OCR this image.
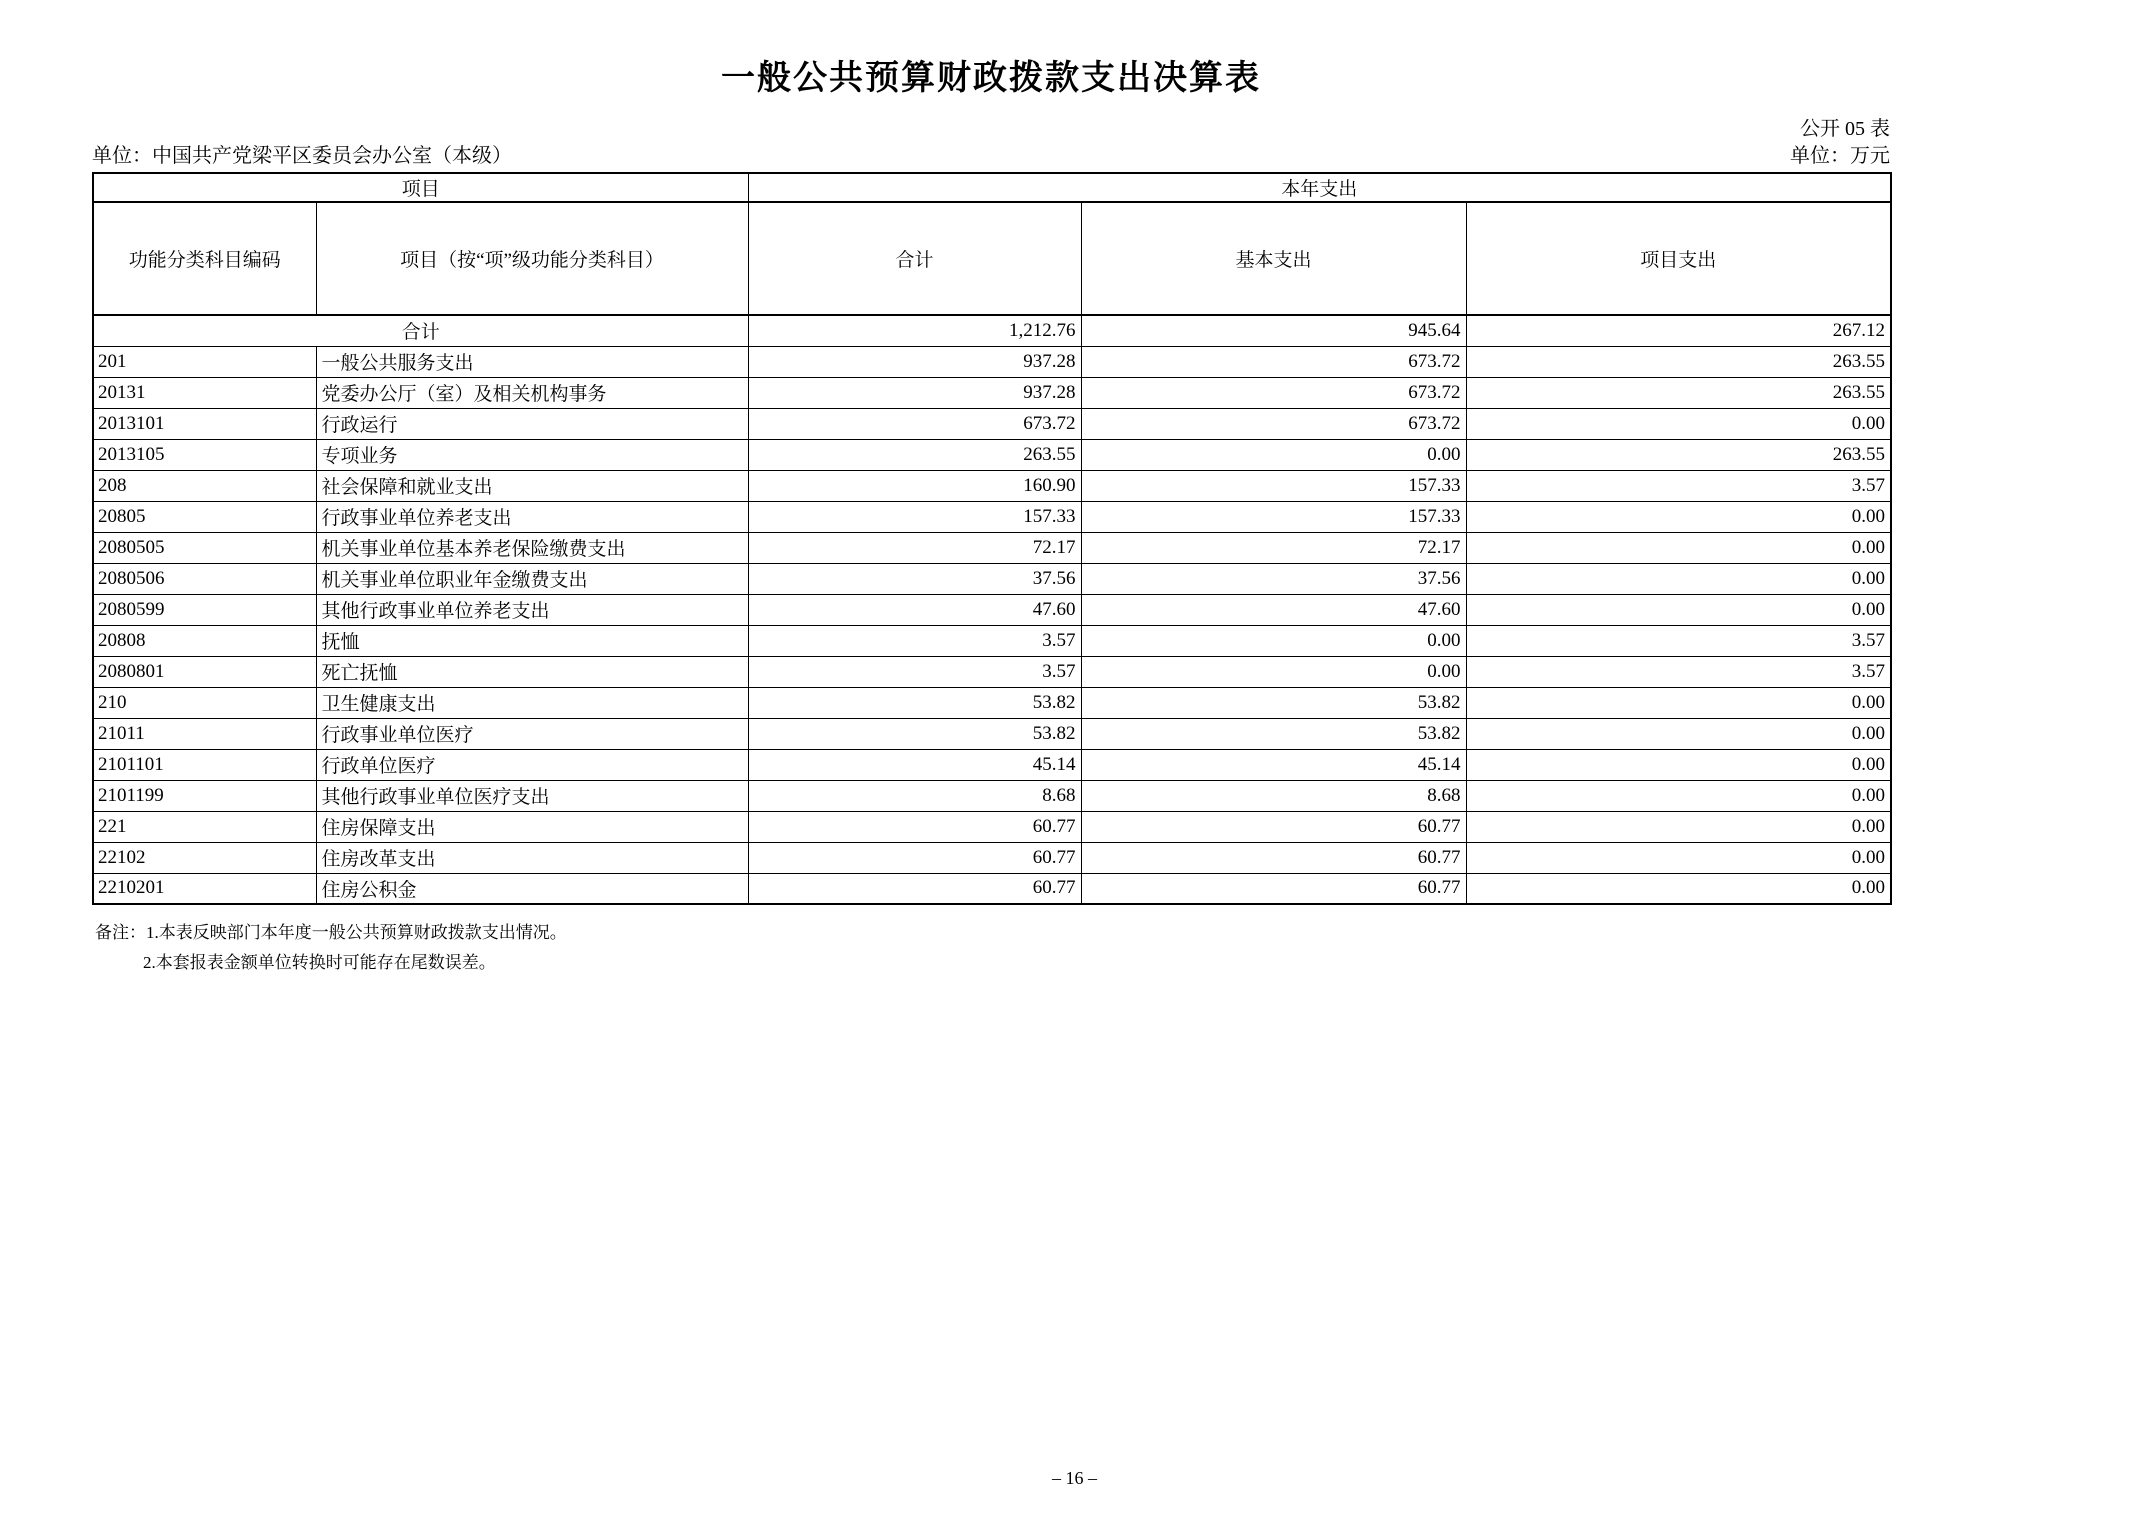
一般公共预算财政拨款支出决算表
公开 05 表
单位：中国共产党梁平区委员会办公室（本级）	单位：万元
项目		本年支出		
功能分类科目编码	项目（按“项”级功能分类科目）	合计	基本支出	项目支出
合计		1,212.76	945.64	267.12
201	一般公共服务支出	937.28	673.72	263.55
20131	党委办公厅（室）及相关机构事务	937.28	673.72	263.55
2013101	行政运行	673.72	673.72	0.00
2013105	专项业务	263.55	0.00	263.55
208	社会保障和就业支出	160.90	157.33	3.57
20805	行政事业单位养老支出	157.33	157.33	0.00
2080505	机关事业单位基本养老保险缴费支出	72.17	72.17	0.00
2080506	机关事业单位职业年金缴费支出	37.56	37.56	0.00
2080599	其他行政事业单位养老支出	47.60	47.60	0.00
20808	抚恤	3.57	0.00	3.57
2080801	死亡抚恤	3.57	0.00	3.57
210	卫生健康支出	53.82	53.82	0.00
21011	行政事业单位医疗	53.82	53.82	0.00
2101101	行政单位医疗	45.14	45.14	0.00
2101199	其他行政事业单位医疗支出	8.68	8.68	0.00
221	住房保障支出	60.77	60.77	0.00
22102	住房改革支出	60.77	60.77	0.00
2210201	住房公积金	60.77	60.77	0.00
备注：1.本表反映部门本年度一般公共预算财政拨款支出情况。
2.本套报表金额单位转换时可能存在尾数误差。
– 16 –
